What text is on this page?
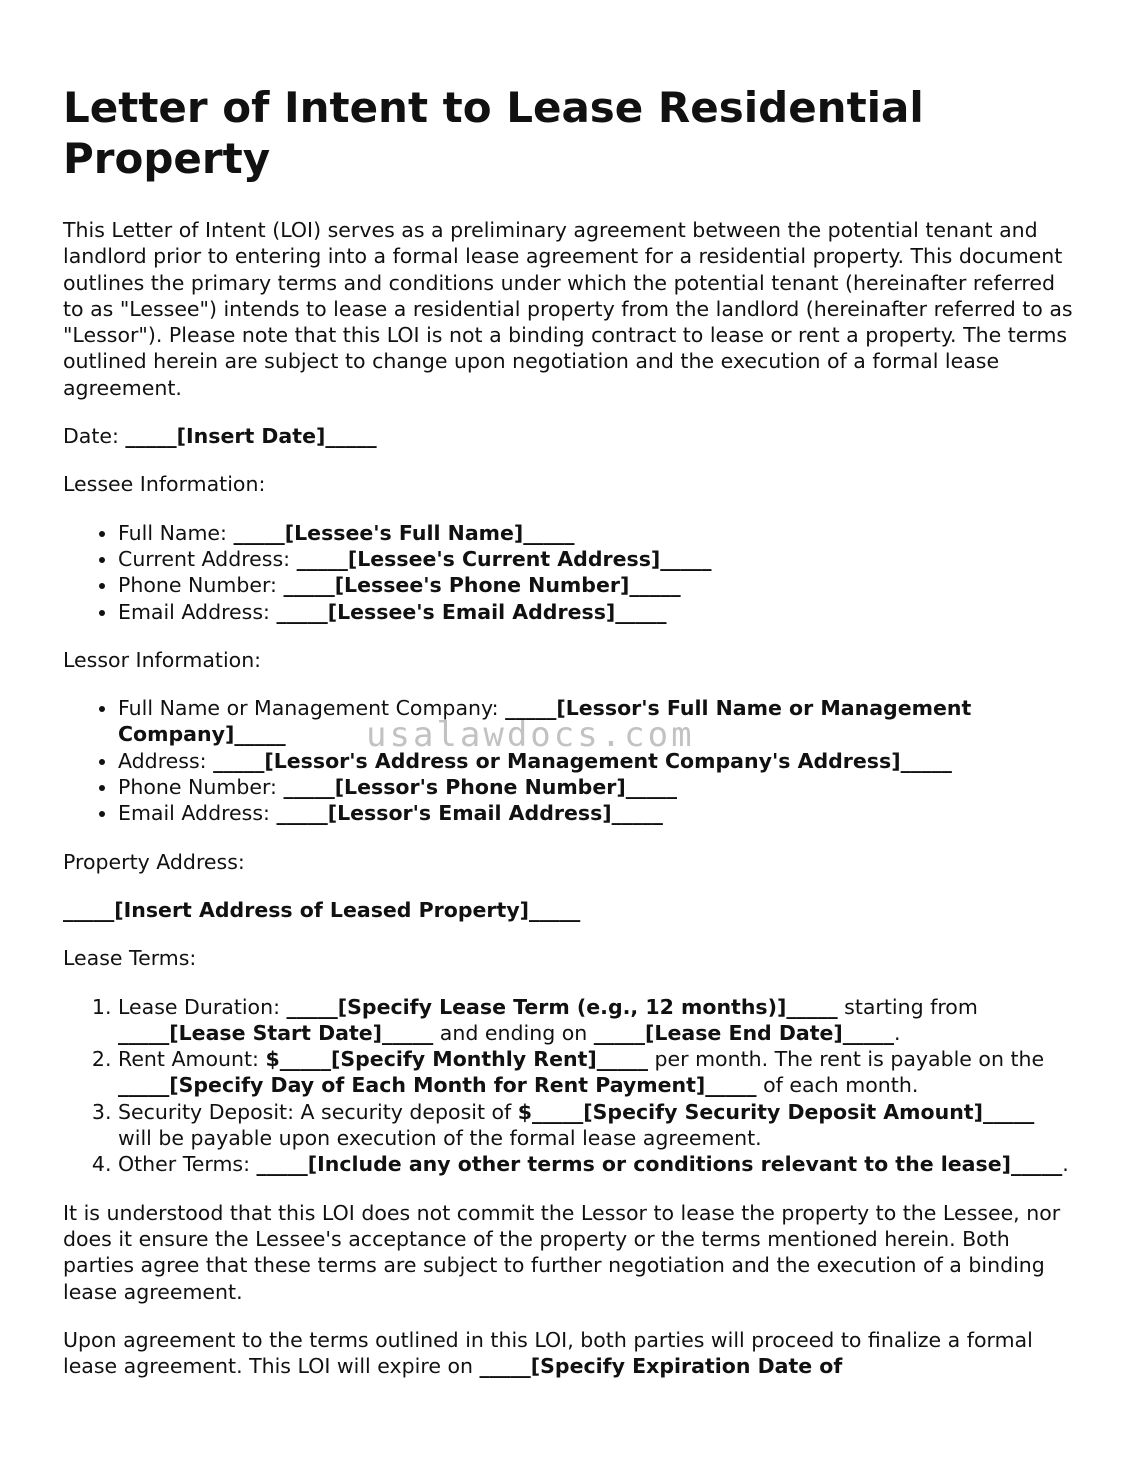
Letter of Intent to Lease Residential Property

This Letter of Intent (LOI) serves as a preliminary agreement between the potential tenant and landlord prior to entering into a formal lease agreement for a residential property. This document outlines the primary terms and conditions under which the potential tenant (hereinafter referred to as "Lessee") intends to lease a residential property from the landlord (hereinafter referred to as "Lessor"). Please note that this LOI is not a binding contract to lease or rent a property. The terms outlined herein are subject to change upon negotiation and the execution of a formal lease agreement.

Date: _____[Insert Date]_____

Lessee Information:

• Full Name: _____[Lessee's Full Name]_____
• Current Address: _____[Lessee's Current Address]_____
• Phone Number: _____[Lessee's Phone Number]_____
• Email Address: _____[Lessee's Email Address]_____

Lessor Information:

• Full Name or Management Company: _____[Lessor's Full Name or Management Company]_____
• Address: _____[Lessor's Address or Management Company's Address]_____
• Phone Number: _____[Lessor's Phone Number]_____
• Email Address: _____[Lessor's Email Address]_____

Property Address:

_____[Insert Address of Leased Property]_____

Lease Terms:

1. Lease Duration: _____[Specify Lease Term (e.g., 12 months)]_____ starting from _____[Lease Start Date]_____ and ending on _____[Lease End Date]_____.
2. Rent Amount: $_____[Specify Monthly Rent]_____ per month. The rent is payable on the _____[Specify Day of Each Month for Rent Payment]_____ of each month.
3. Security Deposit: A security deposit of $_____[Specify Security Deposit Amount]_____ will be payable upon execution of the formal lease agreement.
4. Other Terms: _____[Include any other terms or conditions relevant to the lease]_____.

It is understood that this LOI does not commit the Lessor to lease the property to the Lessee, nor does it ensure the Lessee's acceptance of the property or the terms mentioned herein. Both parties agree that these terms are subject to further negotiation and the execution of a binding lease agreement.

Upon agreement to the terms outlined in this LOI, both parties will proceed to finalize a formal lease agreement. This LOI will expire on _____[Specify Expiration Date of

usalawdocs.com
